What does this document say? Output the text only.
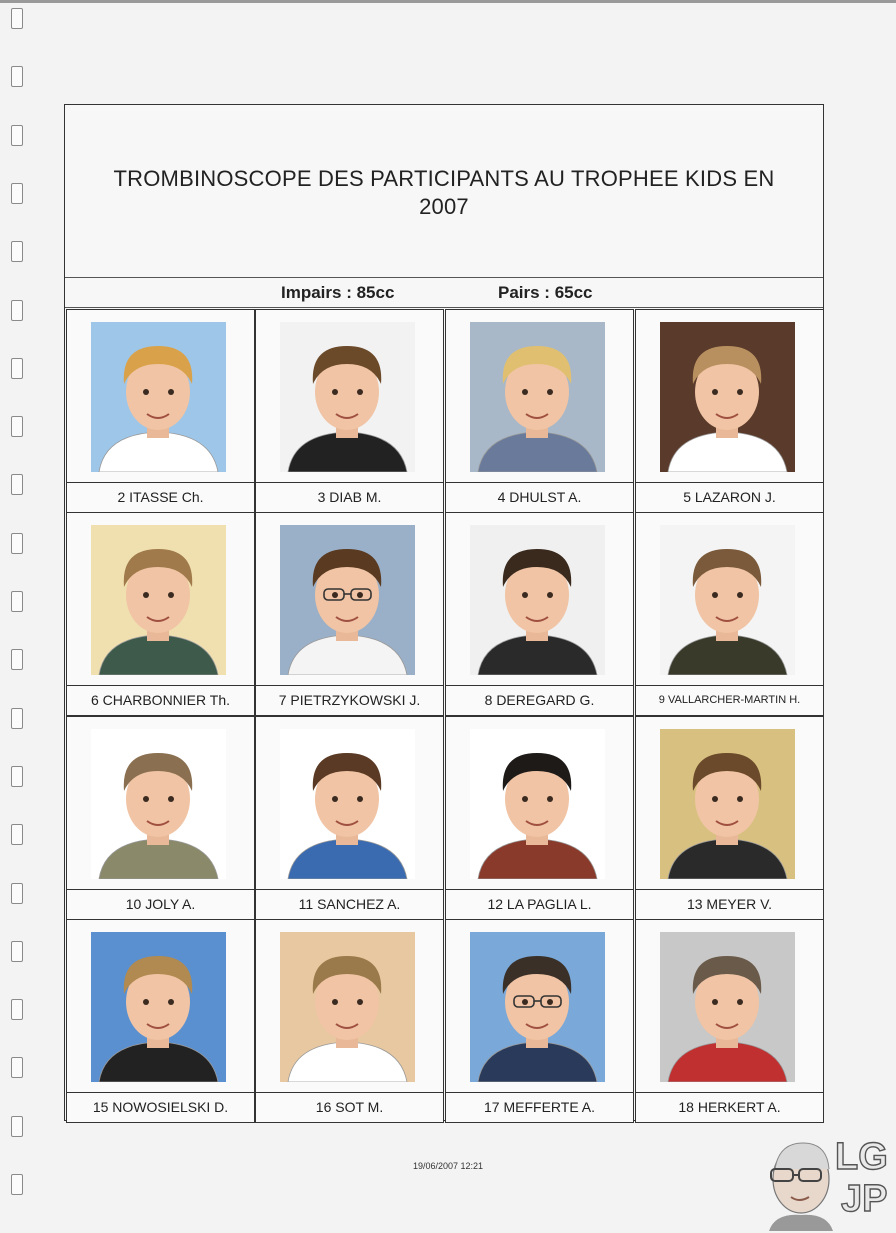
TROMBINOSCOPE DES PARTICIPANTS AU TROPHEE KIDS EN
2007
Impairs : 85cc	Pairs : 65cc
2 ITASSE Ch.	3 DIAB M.	4 DHULST A.	5 LAZARON J.
6 CHARBONNIER Th.	7 PIETRZYKOWSKI J.	8 DEREGARD G.	9 VALLARCHER-MARTIN H.
10 JOLY A.	11 SANCHEZ A.	12 LA PAGLIA L.	13 MEYER V.
15 NOWOSIELSKI D.	16 SOT M.	17 MEFFERTE A.	18 HERKERT A.
19/06/2007 12:21	LG
JP
